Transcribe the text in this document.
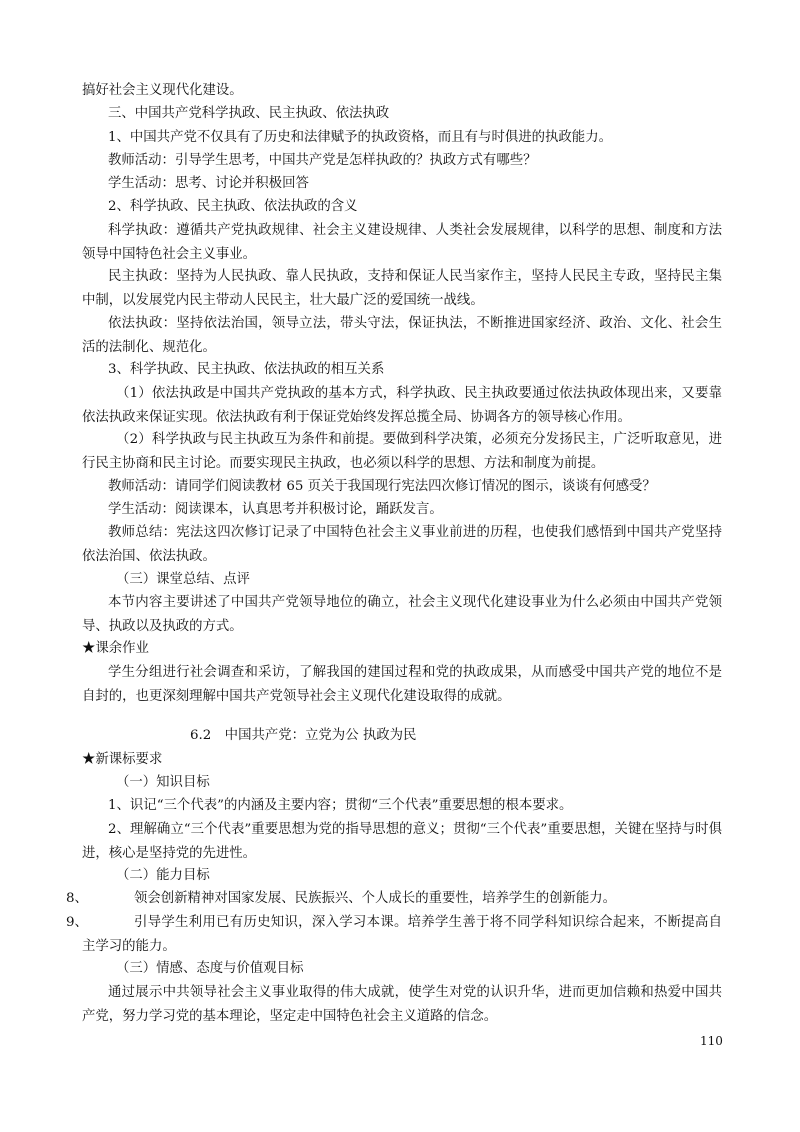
搞好社会主义现代化建设。

三、中国共产党科学执政、民主执政、依法执政

1、中国共产党不仅具有了历史和法律赋予的执政资格，而且有与时俱进的执政能力。

教师活动：引导学生思考，中国共产党是怎样执政的？执政方式有哪些？

学生活动：思考、讨论并积极回答

2、科学执政、民主执政、依法执政的含义

科学执政：遵循共产党执政规律、社会主义建设规律、人类社会发展规律，以科学的思想、制度和方法领导中国特色社会主义事业。

民主执政：坚持为人民执政、靠人民执政，支持和保证人民当家作主，坚持人民民主专政，坚持民主集中制，以发展党内民主带动人民民主，壮大最广泛的爱国统一战线。

依法执政：坚持依法治国，领导立法，带头守法，保证执法，不断推进国家经济、政治、文化、社会生活的法制化、规范化。

3、科学执政、民主执政、依法执政的相互关系

（1）依法执政是中国共产党执政的基本方式，科学执政、民主执政要通过依法执政体现出来，又要靠依法执政来保证实现。依法执政有利于保证党始终发挥总揽全局、协调各方的领导核心作用。

（2）科学执政与民主执政互为条件和前提。要做到科学决策，必须充分发扬民主，广泛听取意见，进行民主协商和民主讨论。而要实现民主执政，也必须以科学的思想、方法和制度为前提。

教师活动：请同学们阅读教材 65 页关于我国现行宪法四次修订情况的图示，谈谈有何感受？

学生活动：阅读课本，认真思考并积极讨论，踊跃发言。

教师总结：宪法这四次修订记录了中国特色社会主义事业前进的历程，也使我们感悟到中国共产党坚持依法治国、依法执政。

（三）课堂总结、点评

本节内容主要讲述了中国共产党领导地位的确立，社会主义现代化建设事业为什么必须由中国共产党领导、执政以及执政的方式。

★课余作业

学生分组进行社会调查和采访，了解我国的建国过程和党的执政成果，从而感受中国共产党的地位不是自封的，也更深刻理解中国共产党领导社会主义现代化建设取得的成就。

6.2　中国共产党：立党为公 执政为民

★新课标要求

（一）知识目标

1、识记“三个代表”的内涵及主要内容；贯彻“三个代表”重要思想的根本要求。

2、理解确立“三个代表”重要思想为党的指导思想的意义；贯彻“三个代表”重要思想，关键在坚持与时俱进，核心是坚持党的先进性。

（二）能力目标

8、	领会创新精神对国家发展、民族振兴、个人成长的重要性，培养学生的创新能力。

9、	引导学生利用已有历史知识，深入学习本课。培养学生善于将不同学科知识综合起来，不断提高自主学习的能力。

（三）情感、态度与价值观目标

通过展示中共领导社会主义事业取得的伟大成就，使学生对党的认识升华，进而更加信赖和热爱中国共产党，努力学习党的基本理论，坚定走中国特色社会主义道路的信念。

110
